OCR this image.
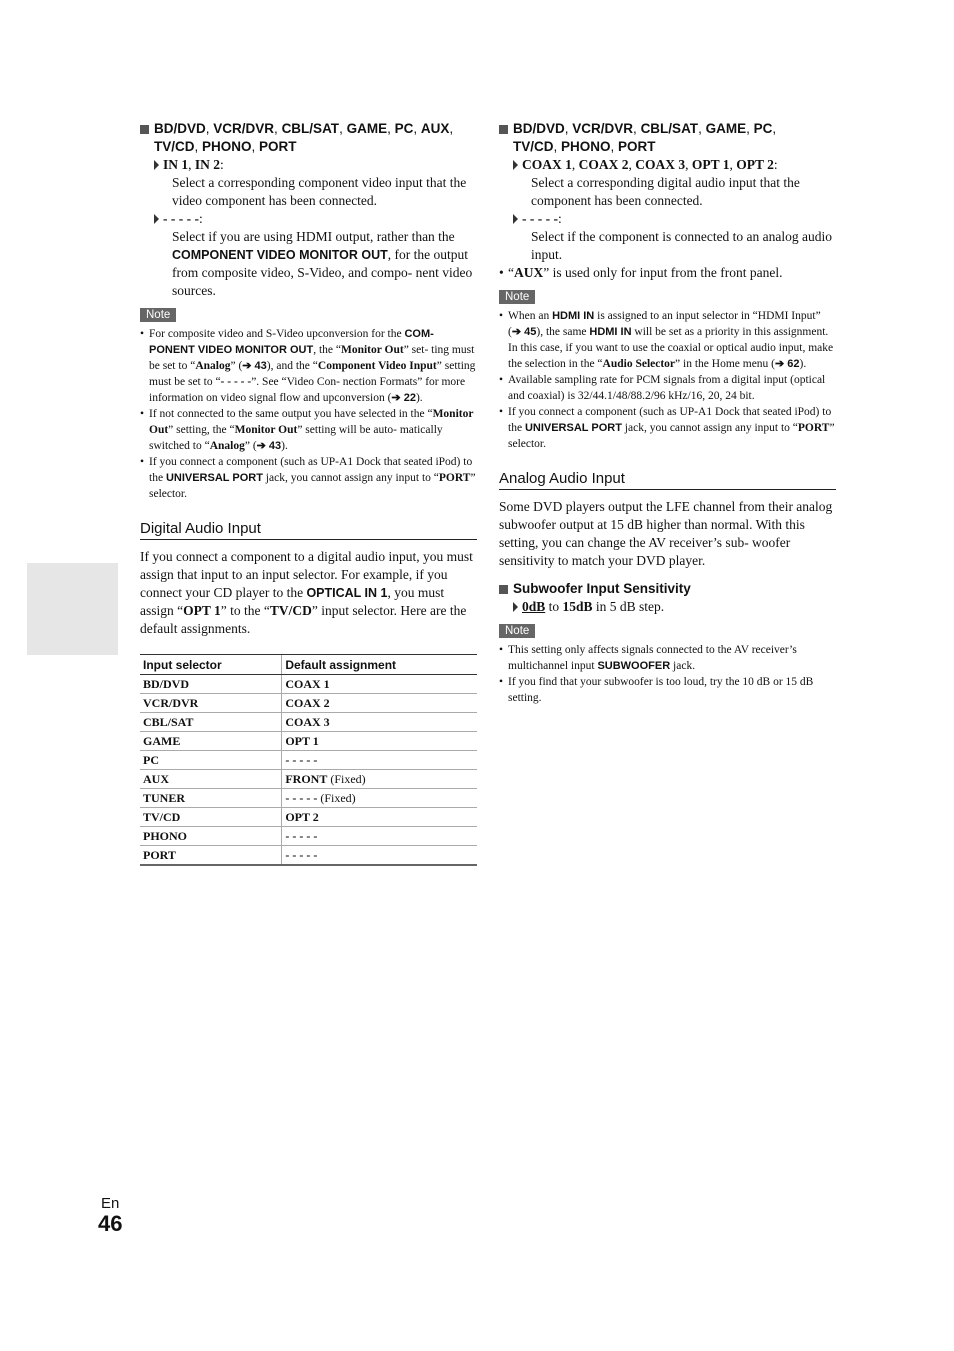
BD/DVD, VCR/DVR, CBL/SAT, GAME, PC, AUX,
TV/CD, PHONO, PORT
IN 1, IN 2:
Select a corresponding component video input that the video component has been connected.
- - - - -:
Select if you are using HDMI output, rather than the COMPONENT VIDEO MONITOR OUT, for the output from composite video, S-Video, and compo- nent video sources.
Note
• For composite video and S-Video upconversion for the COM- PONENT VIDEO MONITOR OUT, the “Monitor Out” set- ting must be set to “Analog” (➔ 43), and the “Component Video Input” setting must be set to “- - - - -”. See “Video Con- nection Formats” for more information on video signal flow and upconversion (➔ 22).
• If not connected to the same output you have selected in the “Monitor Out” setting, the “Monitor Out” setting will be auto- matically switched to “Analog” (➔ 43).
• If you connect a component (such as UP-A1 Dock that seated iPod) to the UNIVERSAL PORT jack, you cannot assign any input to “PORT” selector.
Digital Audio Input
If you connect a component to a digital audio input, you must assign that input to an input selector. For example, if you connect your CD player to the OPTICAL IN 1, you must assign “OPT 1” to the “TV/CD” input selector. Here are the default assignments.
Input selector	Default assignment
BD/DVD	COAX 1
VCR/DVR	COAX 2
CBL/SAT	COAX 3
GAME	OPT 1
PC	- - - - -
AUX	FRONT (Fixed)
TUNER	- - - - - (Fixed)
TV/CD	OPT 2
PHONO	- - - - -
PORT	- - - - -
BD/DVD, VCR/DVR, CBL/SAT, GAME, PC,
TV/CD, PHONO, PORT
COAX 1, COAX 2, COAX 3, OPT 1, OPT 2:
Select a corresponding digital audio input that the component has been connected.
- - - - -:
Select if the component is connected to an analog audio input.
• “AUX” is used only for input from the front panel.
Note
• When an HDMI IN is assigned to an input selector in “HDMI Input” (➔ 45), the same HDMI IN will be set as a priority in this assignment. In this case, if you want to use the coaxial or optical audio input, make the selection in the “Audio Selector” in the Home menu (➔ 62).
• Available sampling rate for PCM signals from a digital input (optical and coaxial) is 32/44.1/48/88.2/96 kHz/16, 20, 24 bit.
• If you connect a component (such as UP-A1 Dock that seated iPod) to the UNIVERSAL PORT jack, you cannot assign any input to “PORT” selector.
Analog Audio Input
Some DVD players output the LFE channel from their analog subwoofer output at 15 dB higher than normal. With this setting, you can change the AV receiver’s sub- woofer sensitivity to match your DVD player.
Subwoofer Input Sensitivity
0dB to 15dB in 5 dB step.
Note
• This setting only affects signals connected to the AV receiver’s multichannel input SUBWOOFER jack.
• If you find that your subwoofer is too loud, try the 10 dB or 15 dB setting.
En
46
